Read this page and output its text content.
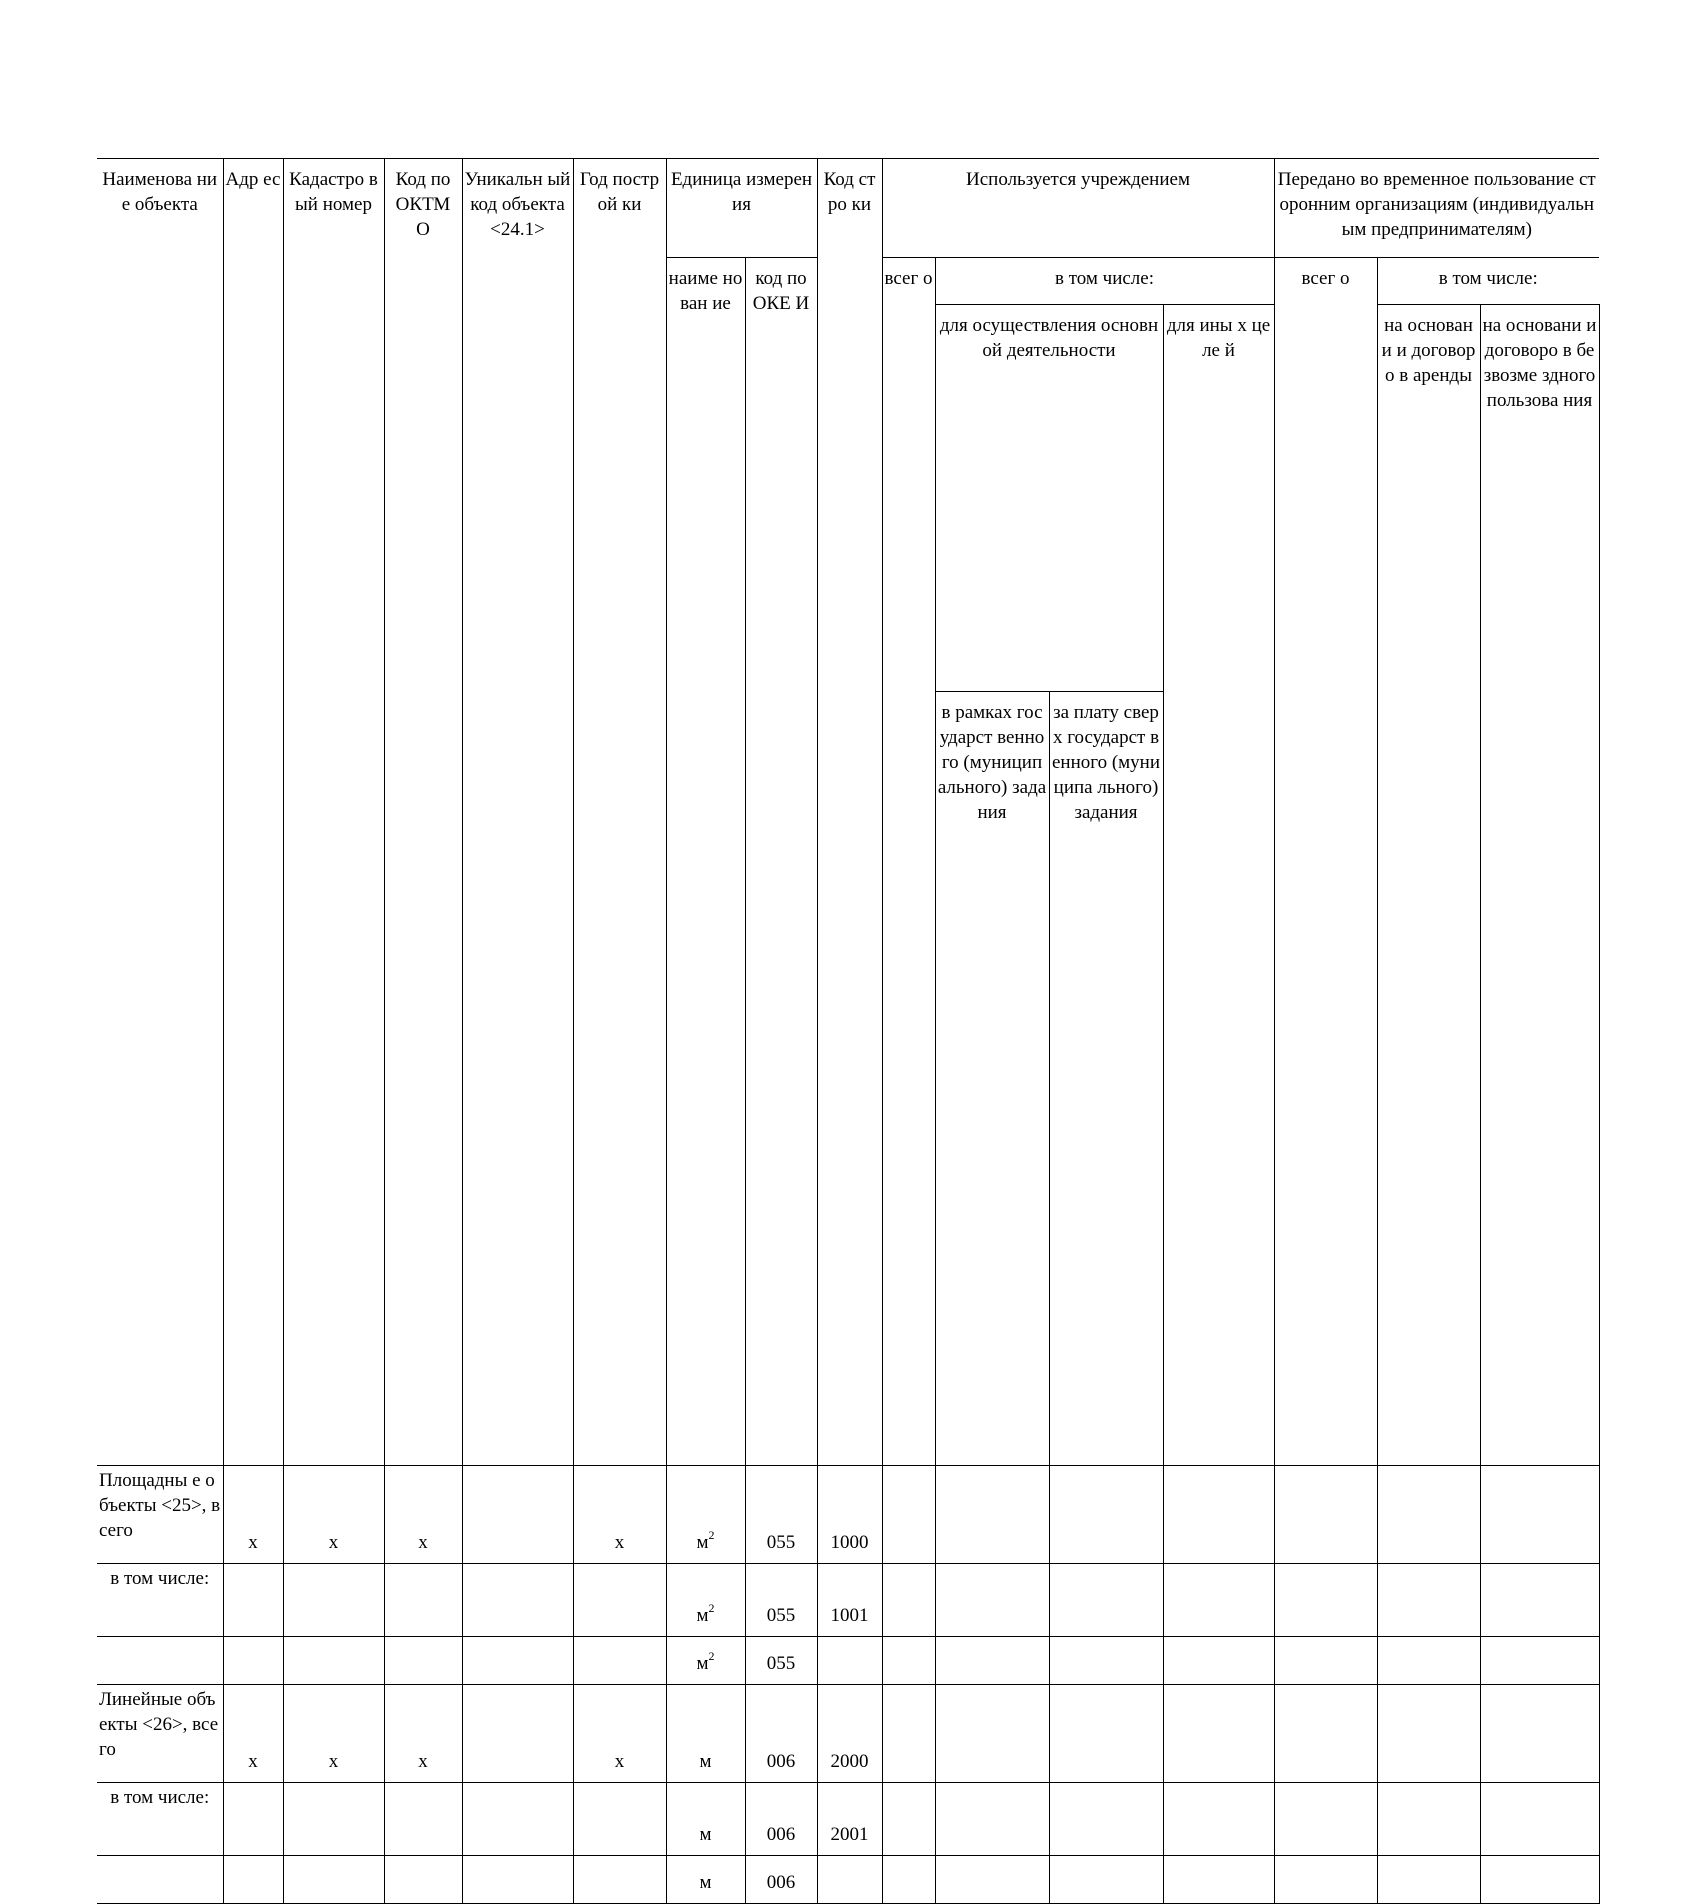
Наименова ние объекта	Адр ес	Кадастро вый номер	Код по ОКТМ О	Уникальн ый код объекта <24.1>	Год построй ки	Единица измерения		Код стро ки	Используется учреждением				Передано во временное пользование сторонним организациям (индивидуальным предпринимателям)			
						наиме нован ие	код по ОКЕ И		всег о	в том числе:			всег о	в том числе:		
										для осуществления основной деятельности		для ины х целе й		на основани и договоро в аренды	на основани и договоро в безвозме здного пользова ния	
										в рамках государст венного (муницип ального) задания	за плату сверх государст венного (муниципа льного) задания					
Площадны е объекты <25>, всего	x	x	x		x	$м^2$	055	1000								
в том числе:						$м^2$	055	1001								
						$м^2$	055									
Линейные объекты <26>, всего	x	x	x		x	м	006	2000								
в том числе:						м	006	2001								
						м	006									
